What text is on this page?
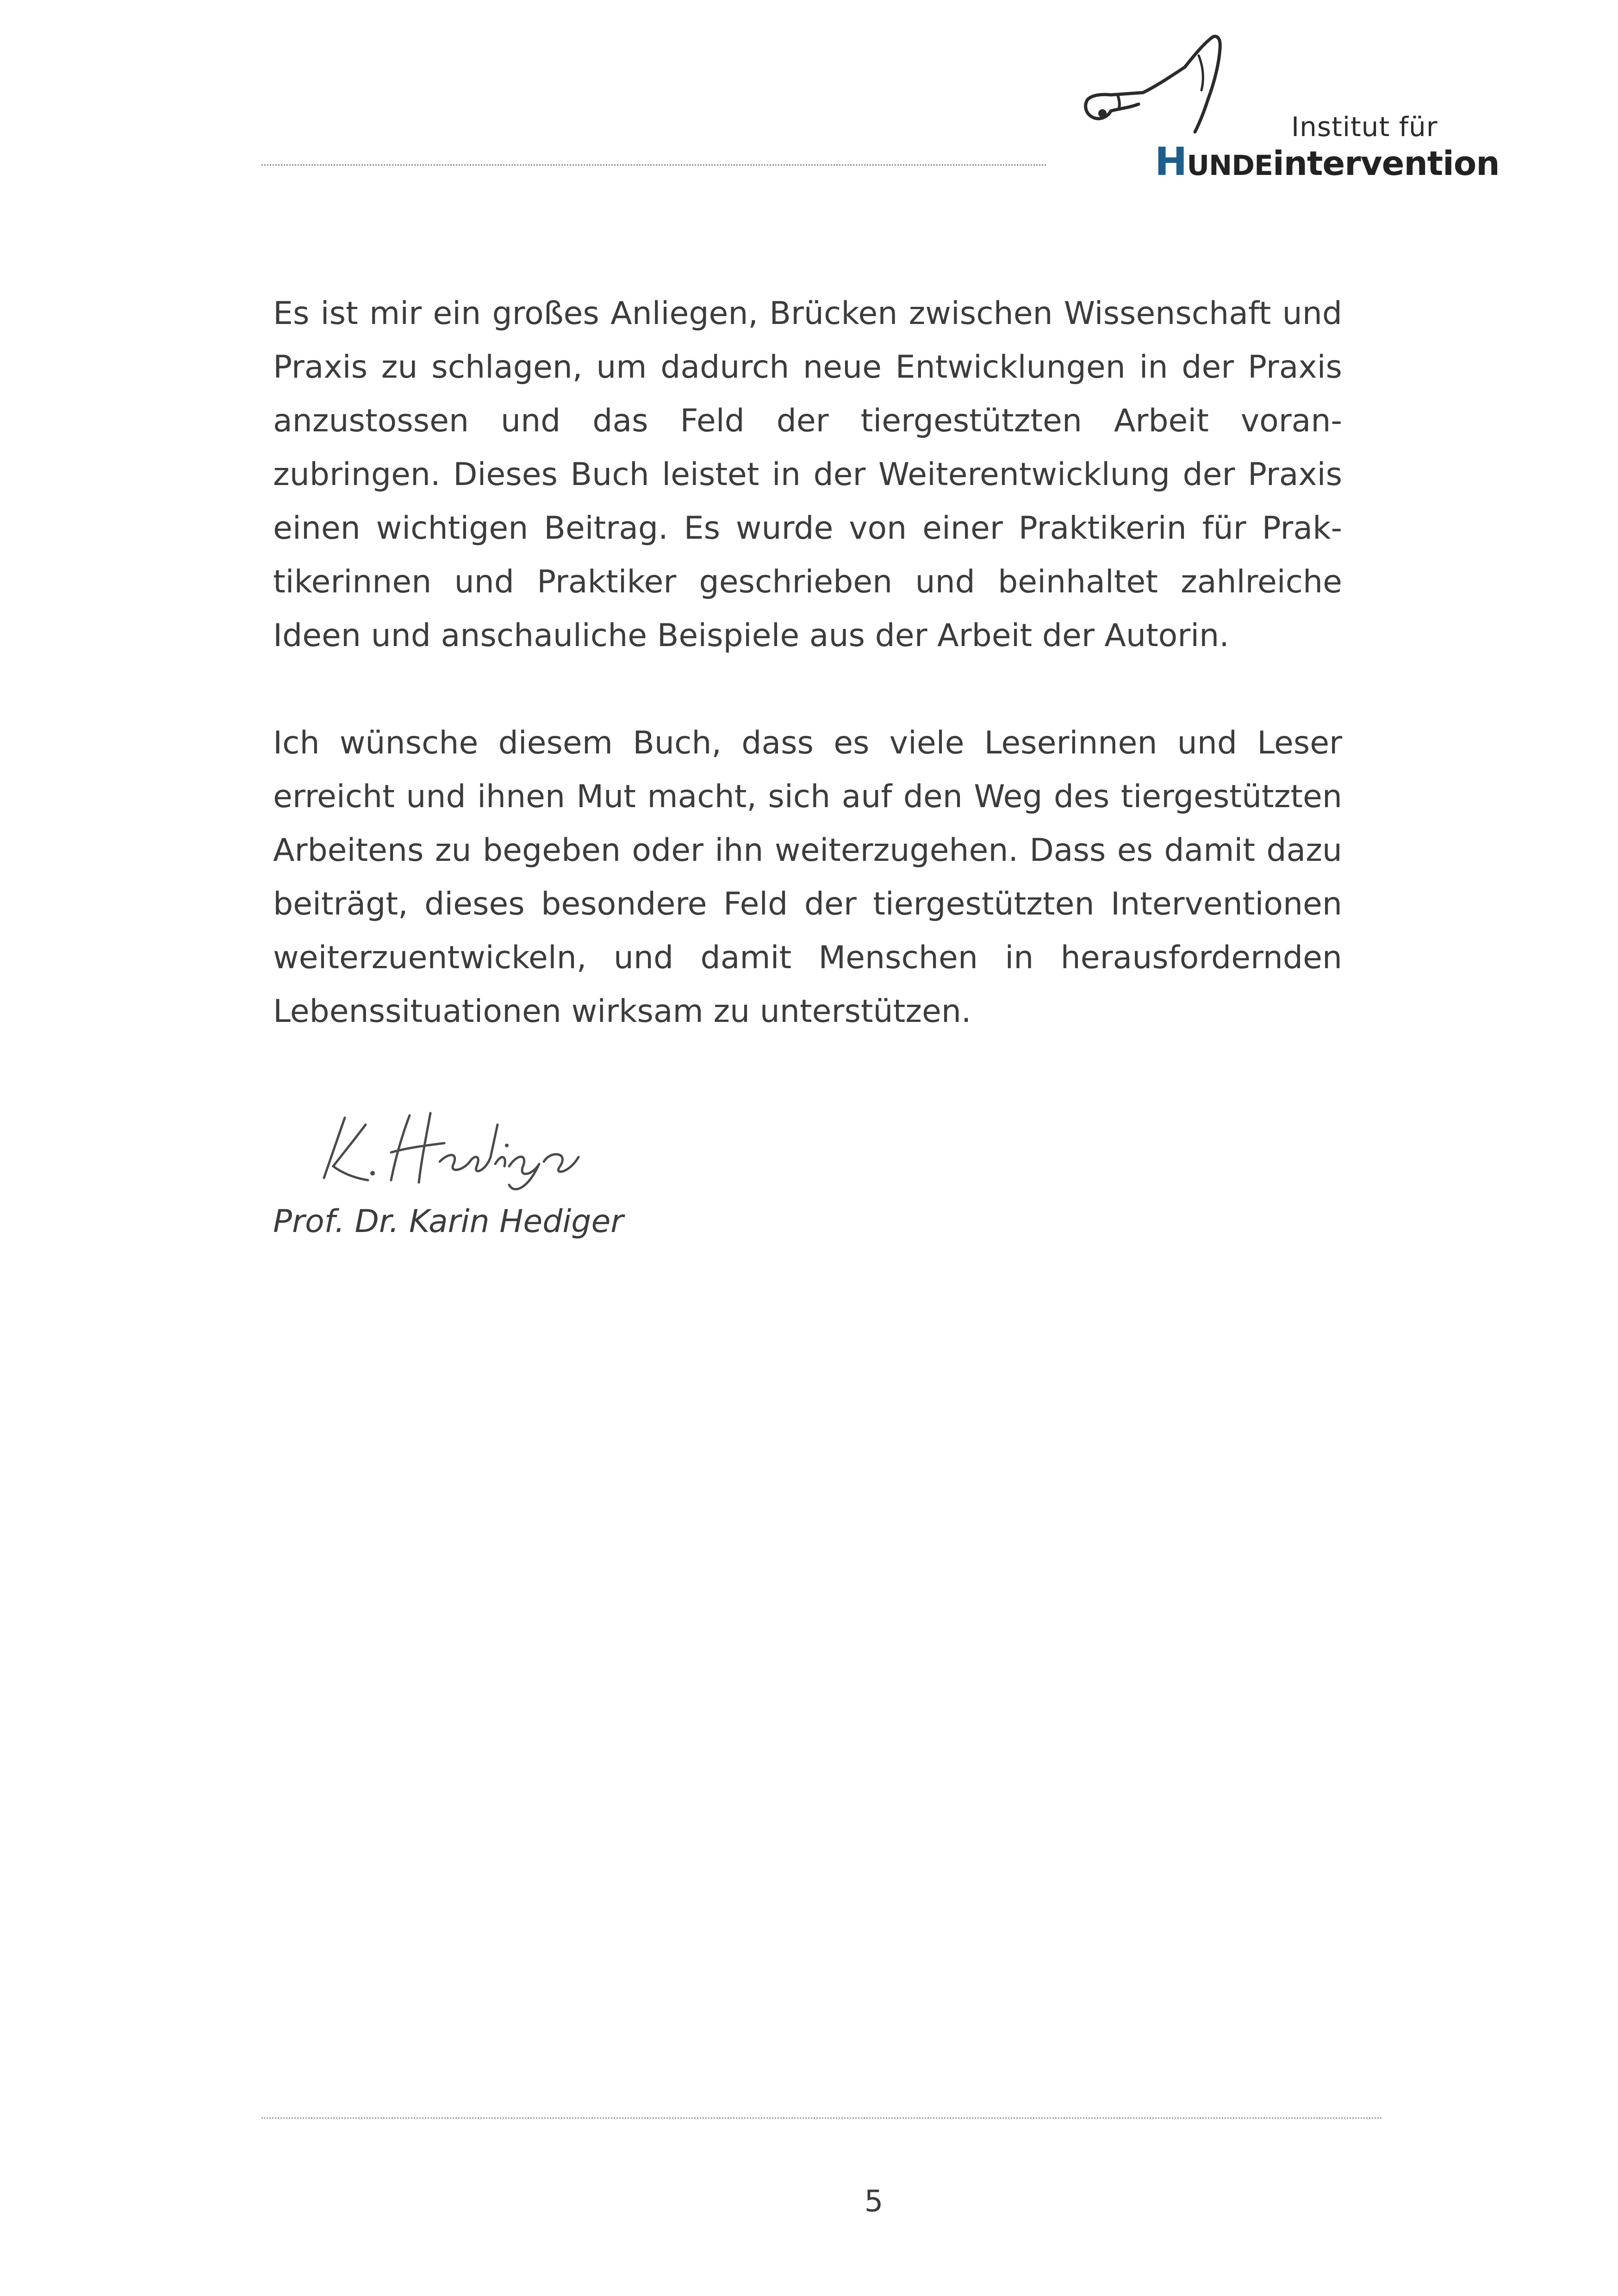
Institut für
HUNDEintervention

Es ist mir ein großes Anliegen, Brücken zwischen Wissenschaft und Praxis zu schlagen, um dadurch neue Entwicklungen in der Praxis anzustossen und das Feld der tiergestützten Arbeit voranzubringen. Dieses Buch leistet in der Weiterentwicklung der Praxis einen wichtigen Beitrag. Es wurde von einer Praktikerin für Praktikerinnen und Praktiker geschrieben und beinhaltet zahlreiche Ideen und anschauliche Beispiele aus der Arbeit der Autorin.

Ich wünsche diesem Buch, dass es viele Leserinnen und Leser erreicht und ihnen Mut macht, sich auf den Weg des tiergestützten Arbeitens zu begeben oder ihn weiterzugehen. Dass es damit dazu beiträgt, dieses besondere Feld der tiergestützten Interventionen weiterzuentwickeln, und damit Menschen in herausfordernden Lebenssituationen wirksam zu unterstützen.

Prof. Dr. Karin Hediger
5
